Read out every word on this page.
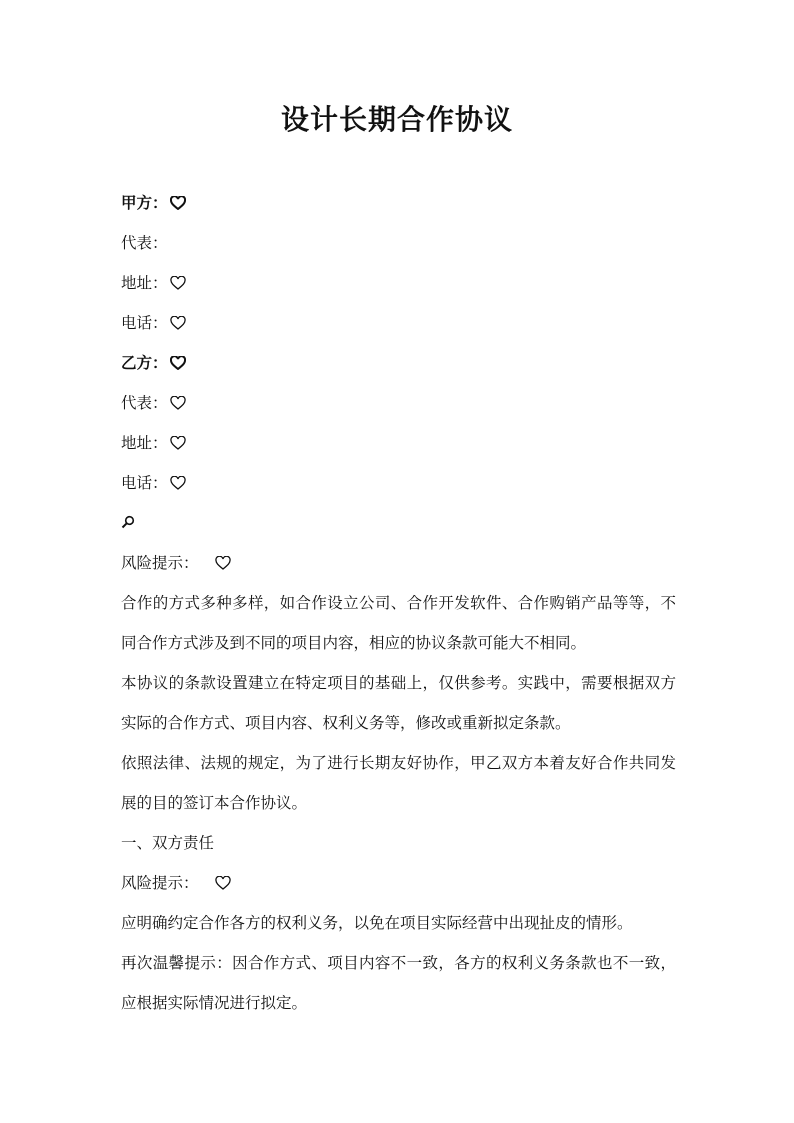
设计长期合作协议

甲方：

代表：

地址：

电话：

乙方：

代表：

地址：

电话：

风险提示：

合作的方式多种多样，如合作设立公司、合作开发软件、合作购销产品等等，不同合作方式涉及到不同的项目内容，相应的协议条款可能大不相同。

本协议的条款设置建立在特定项目的基础上，仅供参考。实践中，需要根据双方实际的合作方式、项目内容、权利义务等，修改或重新拟定条款。

依照法律、法规的规定，为了进行长期友好协作，甲乙双方本着友好合作共同发展的目的签订本合作协议。

一、双方责任

风险提示：

应明确约定合作各方的权利义务，以免在项目实际经营中出现扯皮的情形。

再次温馨提示：因合作方式、项目内容不一致，各方的权利义务条款也不一致，应根据实际情况进行拟定。
